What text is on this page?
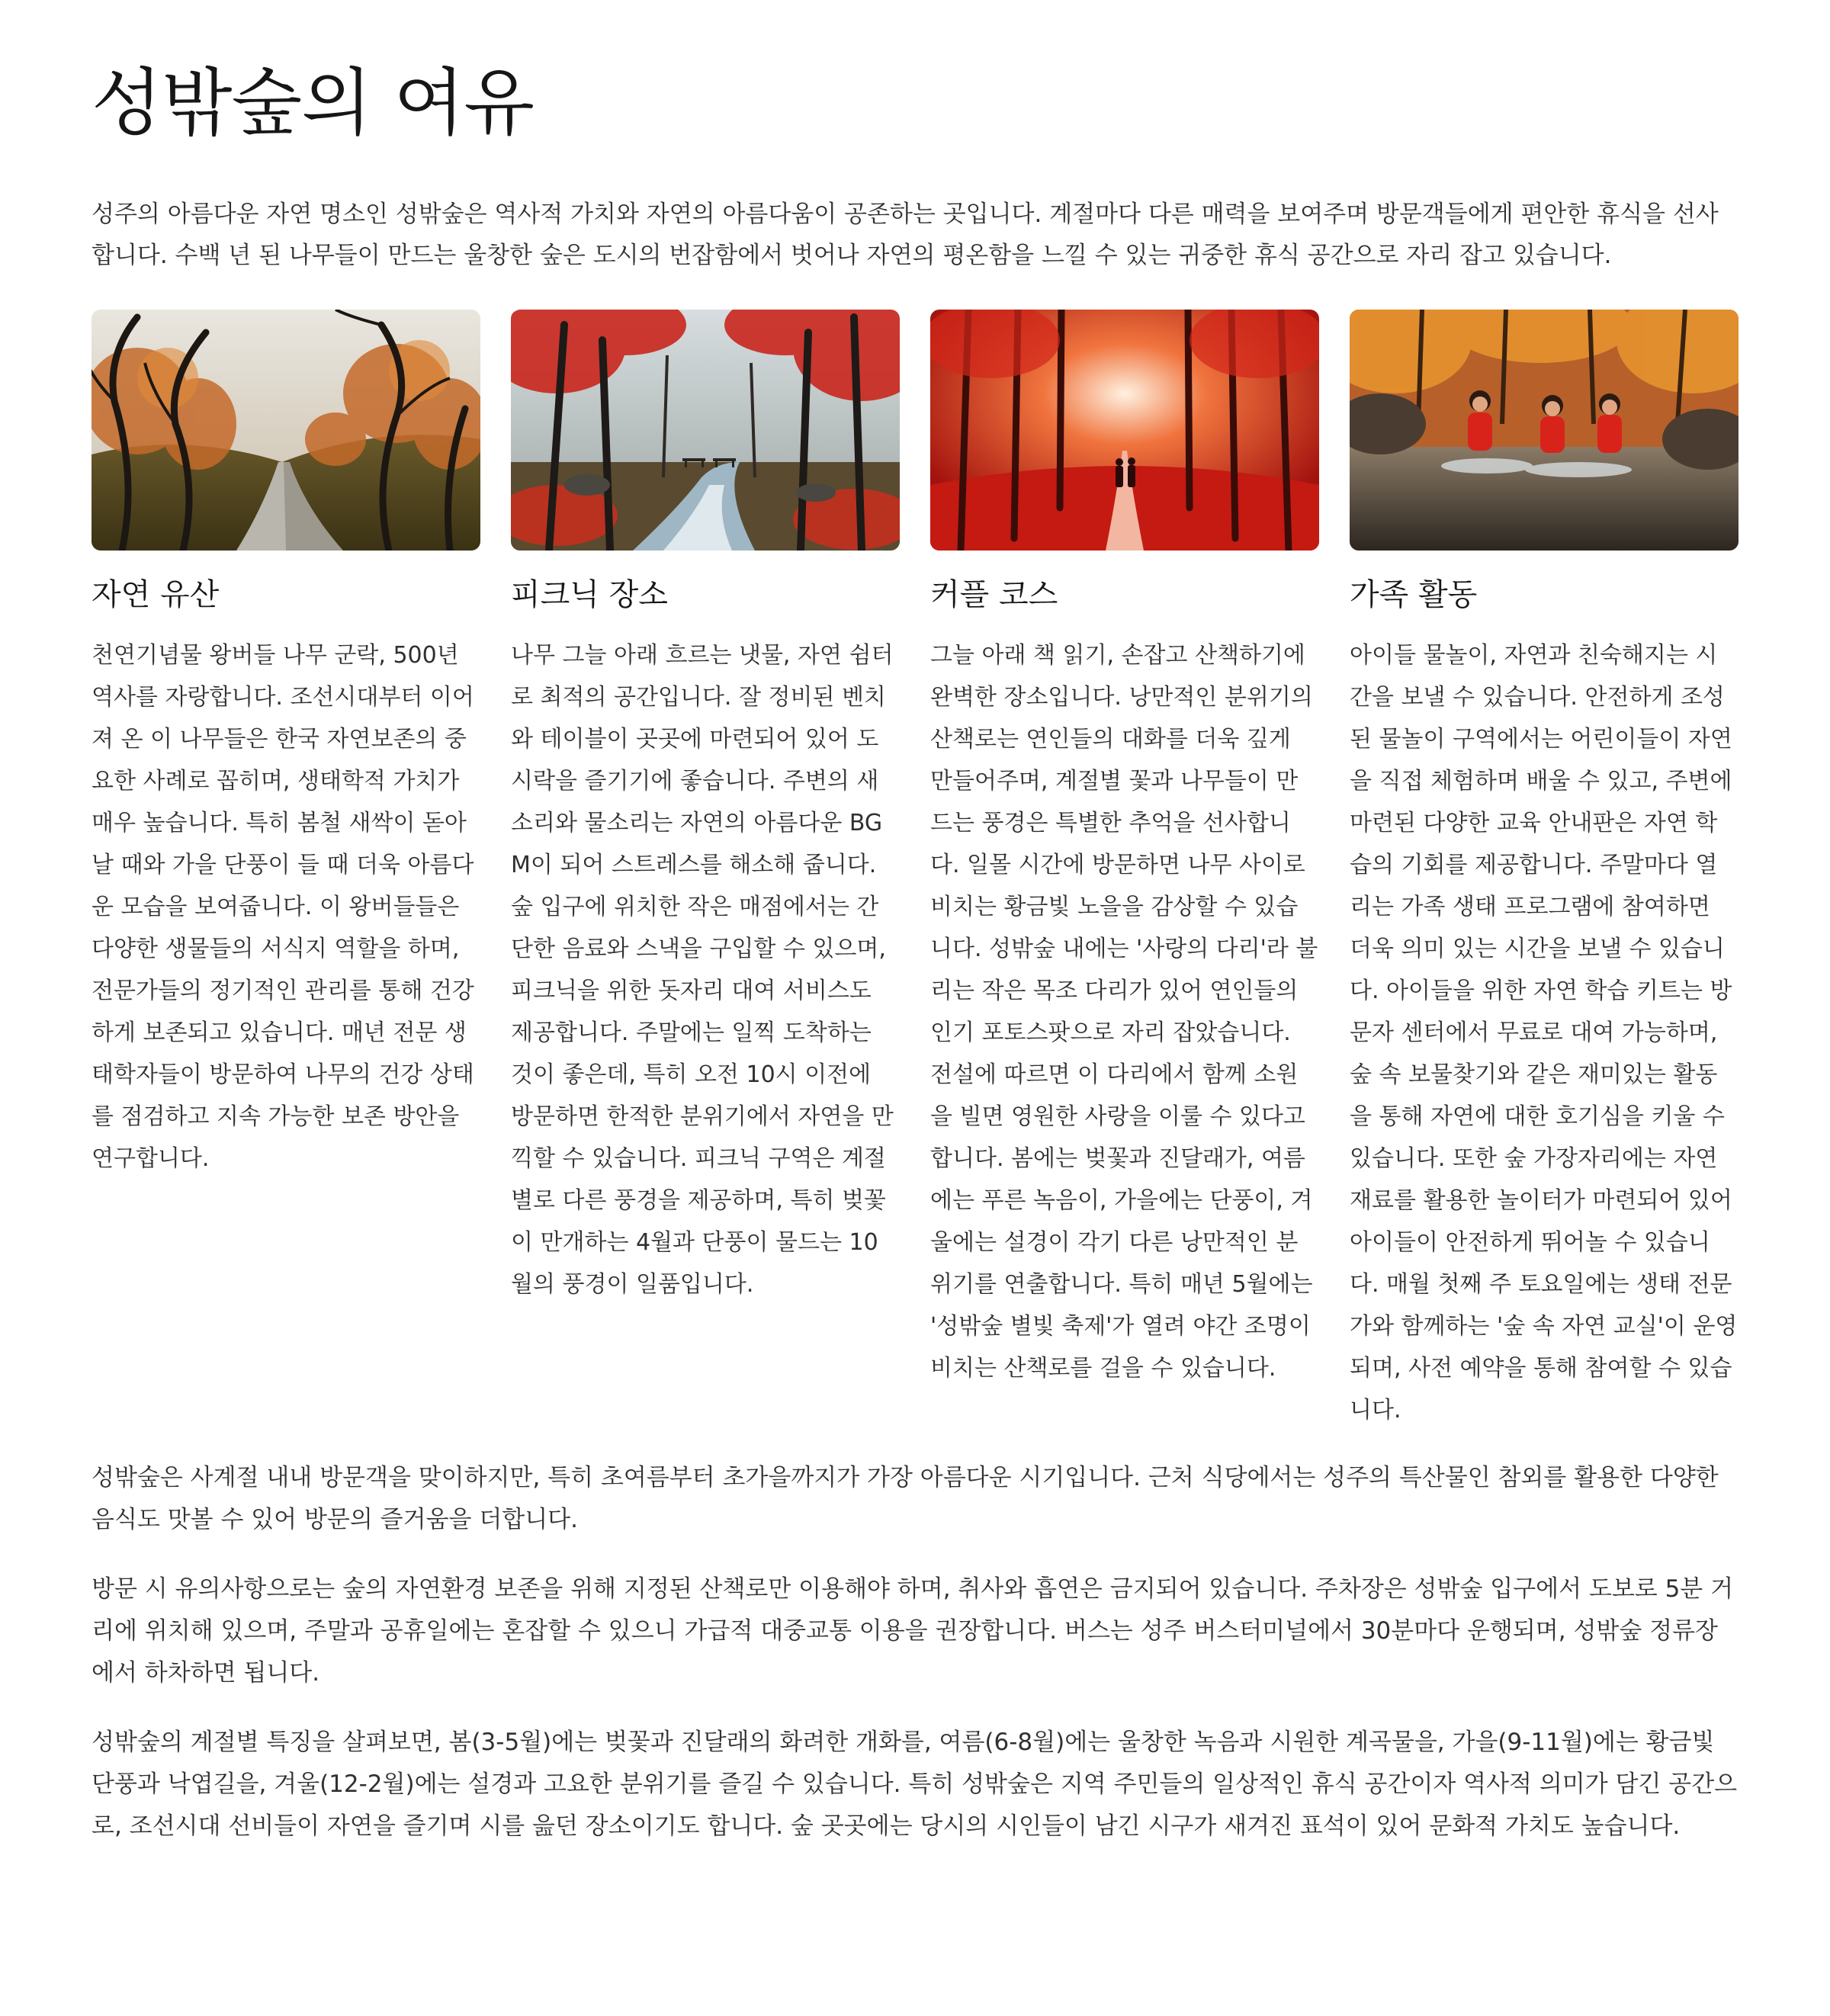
성밖숲의 여유

성주의 아름다운 자연 명소인 성밖숲은 역사적 가치와 자연의 아름다움이 공존하는 곳입니다. 계절마다 다른 매력을 보여주며 방문객들에게 편안한 휴식을 선사합니다. 수백 년 된 나무들이 만드는 울창한 숲은 도시의 번잡함에서 벗어나 자연의 평온함을 느낄 수 있는 귀중한 휴식 공간으로 자리 잡고 있습니다.

자연 유산

천연기념물 왕버들 나무 군락, 500년 역사를 자랑합니다. 조선시대부터 이어져 온 이 나무들은 한국 자연보존의 중요한 사례로 꼽히며, 생태학적 가치가 매우 높습니다. 특히 봄철 새싹이 돋아날 때와 가을 단풍이 들 때 더욱 아름다운 모습을 보여줍니다. 이 왕버들들은 다양한 생물들의 서식지 역할을 하며, 전문가들의 정기적인 관리를 통해 건강하게 보존되고 있습니다. 매년 전문 생태학자들이 방문하여 나무의 건강 상태를 점검하고 지속 가능한 보존 방안을 연구합니다.

피크닉 장소

나무 그늘 아래 흐르는 냇물, 자연 쉼터로 최적의 공간입니다. 잘 정비된 벤치와 테이블이 곳곳에 마련되어 있어 도시락을 즐기기에 좋습니다. 주변의 새소리와 물소리는 자연의 아름다운 BGM이 되어 스트레스를 해소해 줍니다. 숲 입구에 위치한 작은 매점에서는 간단한 음료와 스낵을 구입할 수 있으며, 피크닉을 위한 돗자리 대여 서비스도 제공합니다. 주말에는 일찍 도착하는 것이 좋은데, 특히 오전 10시 이전에 방문하면 한적한 분위기에서 자연을 만끽할 수 있습니다. 피크닉 구역은 계절별로 다른 풍경을 제공하며, 특히 벚꽃이 만개하는 4월과 단풍이 물드는 10월의 풍경이 일품입니다.

커플 코스

그늘 아래 책 읽기, 손잡고 산책하기에 완벽한 장소입니다. 낭만적인 분위기의 산책로는 연인들의 대화를 더욱 깊게 만들어주며, 계절별 꽃과 나무들이 만드는 풍경은 특별한 추억을 선사합니다. 일몰 시간에 방문하면 나무 사이로 비치는 황금빛 노을을 감상할 수 있습니다. 성밖숲 내에는 '사랑의 다리'라 불리는 작은 목조 다리가 있어 연인들의 인기 포토스팟으로 자리 잡았습니다. 전설에 따르면 이 다리에서 함께 소원을 빌면 영원한 사랑을 이룰 수 있다고 합니다. 봄에는 벚꽃과 진달래가, 여름에는 푸른 녹음이, 가을에는 단풍이, 겨울에는 설경이 각기 다른 낭만적인 분위기를 연출합니다. 특히 매년 5월에는 '성밖숲 별빛 축제'가 열려 야간 조명이 비치는 산책로를 걸을 수 있습니다.

가족 활동

아이들 물놀이, 자연과 친숙해지는 시간을 보낼 수 있습니다. 안전하게 조성된 물놀이 구역에서는 어린이들이 자연을 직접 체험하며 배울 수 있고, 주변에 마련된 다양한 교육 안내판은 자연 학습의 기회를 제공합니다. 주말마다 열리는 가족 생태 프로그램에 참여하면 더욱 의미 있는 시간을 보낼 수 있습니다. 아이들을 위한 자연 학습 키트는 방문자 센터에서 무료로 대여 가능하며, 숲 속 보물찾기와 같은 재미있는 활동을 통해 자연에 대한 호기심을 키울 수 있습니다. 또한 숲 가장자리에는 자연 재료를 활용한 놀이터가 마련되어 있어 아이들이 안전하게 뛰어놀 수 있습니다. 매월 첫째 주 토요일에는 생태 전문가와 함께하는 '숲 속 자연 교실'이 운영되며, 사전 예약을 통해 참여할 수 있습니다.

성밖숲은 사계절 내내 방문객을 맞이하지만, 특히 초여름부터 초가을까지가 가장 아름다운 시기입니다. 근처 식당에서는 성주의 특산물인 참외를 활용한 다양한 음식도 맛볼 수 있어 방문의 즐거움을 더합니다.

방문 시 유의사항으로는 숲의 자연환경 보존을 위해 지정된 산책로만 이용해야 하며, 취사와 흡연은 금지되어 있습니다. 주차장은 성밖숲 입구에서 도보로 5분 거리에 위치해 있으며, 주말과 공휴일에는 혼잡할 수 있으니 가급적 대중교통 이용을 권장합니다. 버스는 성주 버스터미널에서 30분마다 운행되며, 성밖숲 정류장에서 하차하면 됩니다.

성밖숲의 계절별 특징을 살펴보면, 봄(3-5월)에는 벚꽃과 진달래의 화려한 개화를, 여름(6-8월)에는 울창한 녹음과 시원한 계곡물을, 가을(9-11월)에는 황금빛 단풍과 낙엽길을, 겨울(12-2월)에는 설경과 고요한 분위기를 즐길 수 있습니다. 특히 성밖숲은 지역 주민들의 일상적인 휴식 공간이자 역사적 의미가 담긴 공간으로, 조선시대 선비들이 자연을 즐기며 시를 읊던 장소이기도 합니다. 숲 곳곳에는 당시의 시인들이 남긴 시구가 새겨진 표석이 있어 문화적 가치도 높습니다.
